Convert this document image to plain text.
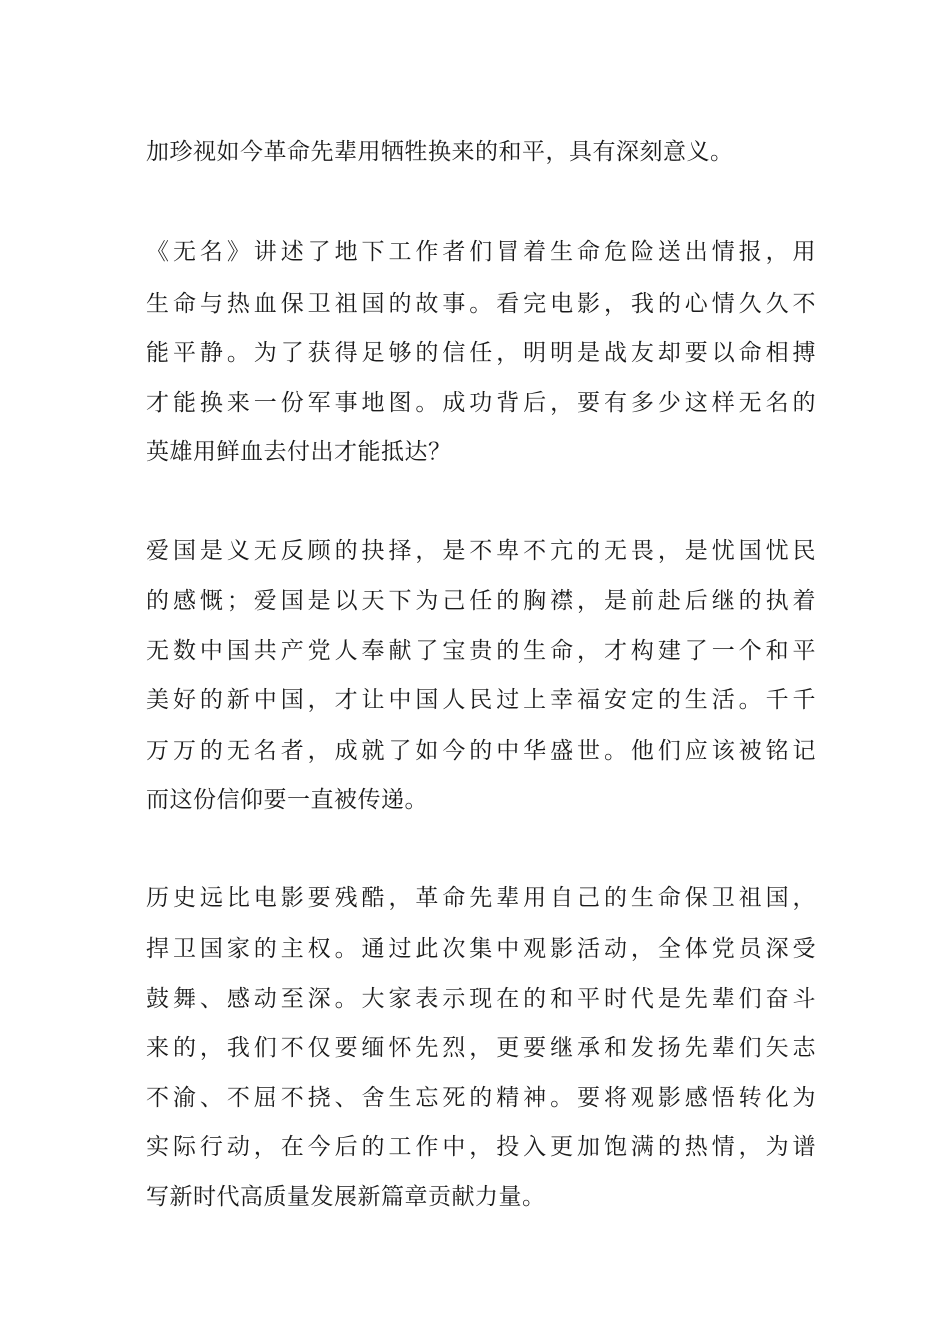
加珍视如今革命先辈用牺牲换来的和平，具有深刻意义。
《无名》讲述了地下工作者们冒着生命危险送出情报，用
生命与热血保卫祖国的故事。看完电影，我的心情久久不
能平静。为了获得足够的信任，明明是战友却要以命相搏
才能换来一份军事地图。成功背后，要有多少这样无名的
英雄用鲜血去付出才能抵达？
爱国是义无反顾的抉择，是不卑不亢的无畏，是忧国忧民
的感慨；爱国是以天下为己任的胸襟，是前赴后继的执着
无数中国共产党人奉献了宝贵的生命，才构建了一个和平
美好的新中国，才让中国人民过上幸福安定的生活。千千
万万的无名者，成就了如今的中华盛世。他们应该被铭记
而这份信仰要一直被传递。
历史远比电影要残酷，革命先辈用自己的生命保卫祖国，
捍卫国家的主权。通过此次集中观影活动，全体党员深受
鼓舞、感动至深。大家表示现在的和平时代是先辈们奋斗
来的，我们不仅要缅怀先烈，更要继承和发扬先辈们矢志
不渝、不屈不挠、舍生忘死的精神。要将观影感悟转化为
实际行动，在今后的工作中，投入更加饱满的热情，为谱
写新时代高质量发展新篇章贡献力量。
